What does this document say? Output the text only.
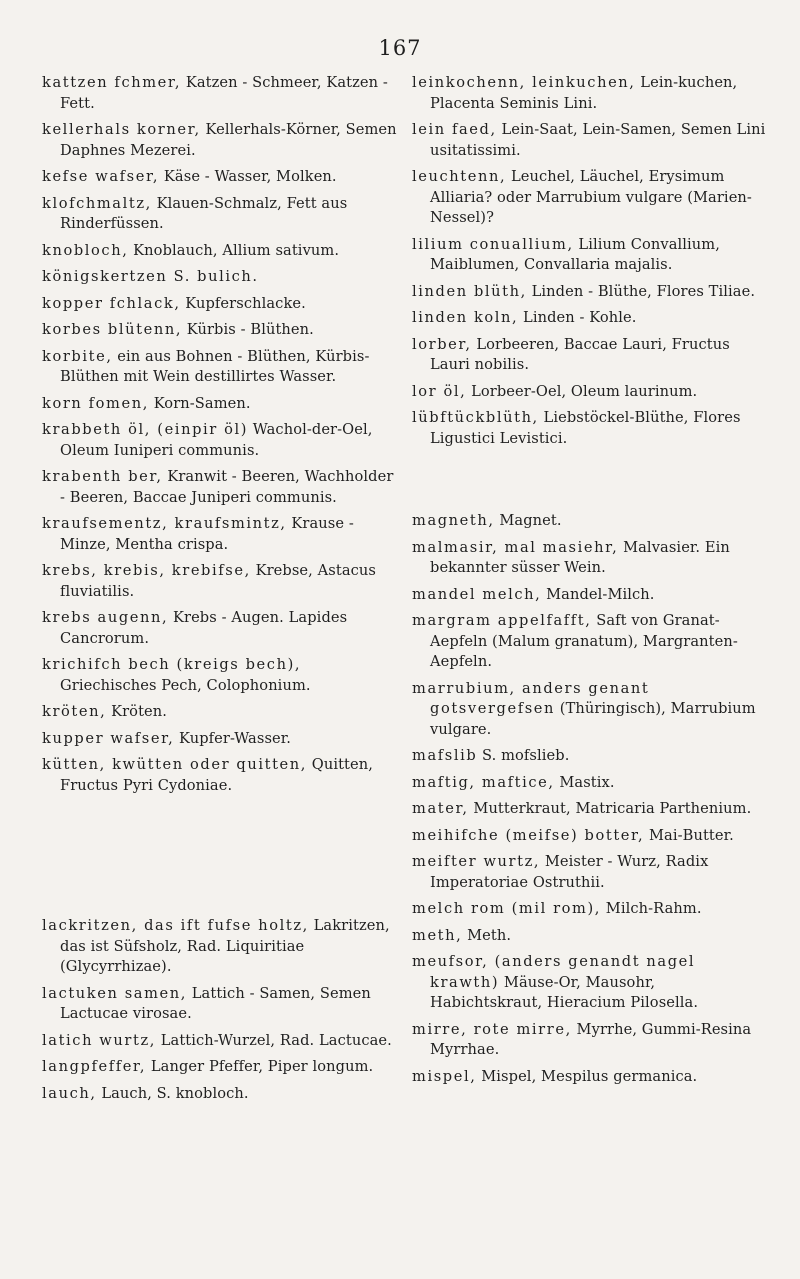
167

kattzen fchmer, Katzen - Schmeer, Katzen - Fett.

kellerhals korner, Kellerhals-Körner, Semen Daphnes Mezerei.

kefse wafser, Käse - Wasser, Molken.

klofchmaltz, Klauen-Schmalz, Fett aus Rinderfüssen.

knobloch, Knoblauch, Allium sativum.

königskertzen S. bulich.

kopper fchlack, Kupferschlacke.

korbes blütenn, Kürbis - Blüthen.

korbite, ein aus Bohnen - Blüthen, Kürbis-Blüthen mit Wein destillirtes Wasser.

korn fomen, Korn-Samen.

krabbeth öl, (einpir öl) Wachol-der-Oel, Oleum Iuniperi communis.

krabenth ber, Kranwit - Beeren, Wachholder - Beeren, Baccae Juniperi communis.

kraufsementz, kraufsmintz, Krause - Minze, Mentha crispa.

krebs, krebis, krebifse, Krebse, Astacus fluviatilis.

krebs augenn, Krebs - Augen. Lapides Cancrorum.

krichifch bech (kreigs bech), Griechisches Pech, Colophonium.

kröten, Kröten.

kupper wafser, Kupfer-Wasser.

kütten, kwütten oder quitten, Quitten, Fructus Pyri Cydoniae.

lackritzen, das ift fufse holtz, Lakritzen, das ist Süfsholz, Rad. Liquiritiae (Glycyrrhizae).

lactuken samen, Lattich - Samen, Semen Lactucae virosae.

latich wurtz, Lattich-Wurzel, Rad. Lactucae.

langpfeffer, Langer Pfeffer, Piper longum.

lauch, Lauch, S. knobloch.

leinkochenn, leinkuchen, Lein-kuchen, Placenta Seminis Lini.

lein faed, Lein-Saat, Lein-Samen, Semen Lini usitatissimi.

leuchtenn, Leuchel, Läuchel, Erysimum Alliaria? oder Marrubium vulgare (Marien-Nessel)?

lilium conuallium, Lilium Convallium, Maiblumen, Convallaria majalis.

linden blüth, Linden - Blüthe, Flores Tiliae.

linden koln, Linden - Kohle.

lorber, Lorbeeren, Baccae Lauri, Fructus Lauri nobilis.

lor öl, Lorbeer-Oel, Oleum laurinum.

lübftückblüth, Liebstöckel-Blüthe, Flores Ligustici Levistici.

magneth, Magnet.

malmasir, mal masiehr, Malvasier. Ein bekannter süsser Wein.

mandel melch, Mandel-Milch.

margram appelfafft, Saft von Granat-Aepfeln (Malum granatum), Margranten-Aepfeln.

marrubium, anders genant gotsvergefsen (Thüringisch), Marrubium vulgare.

mafslib S. mofslieb.

maftig, maftice, Mastix.

mater, Mutterkraut, Matricaria Parthenium.

meihifche (meifse) botter, Mai-Butter.

meifter wurtz, Meister - Wurz, Radix Imperatoriae Ostruthii.

melch rom (mil rom), Milch-Rahm.

meth, Meth.

meufsor, (anders genandt nagel krawth) Mäuse-Or, Mausohr, Habichtskraut, Hieracium Pilosella.

mirre, rote mirre, Myrrhe, Gummi-Resina Myrrhae.

mispel, Mispel, Mespilus germanica.
